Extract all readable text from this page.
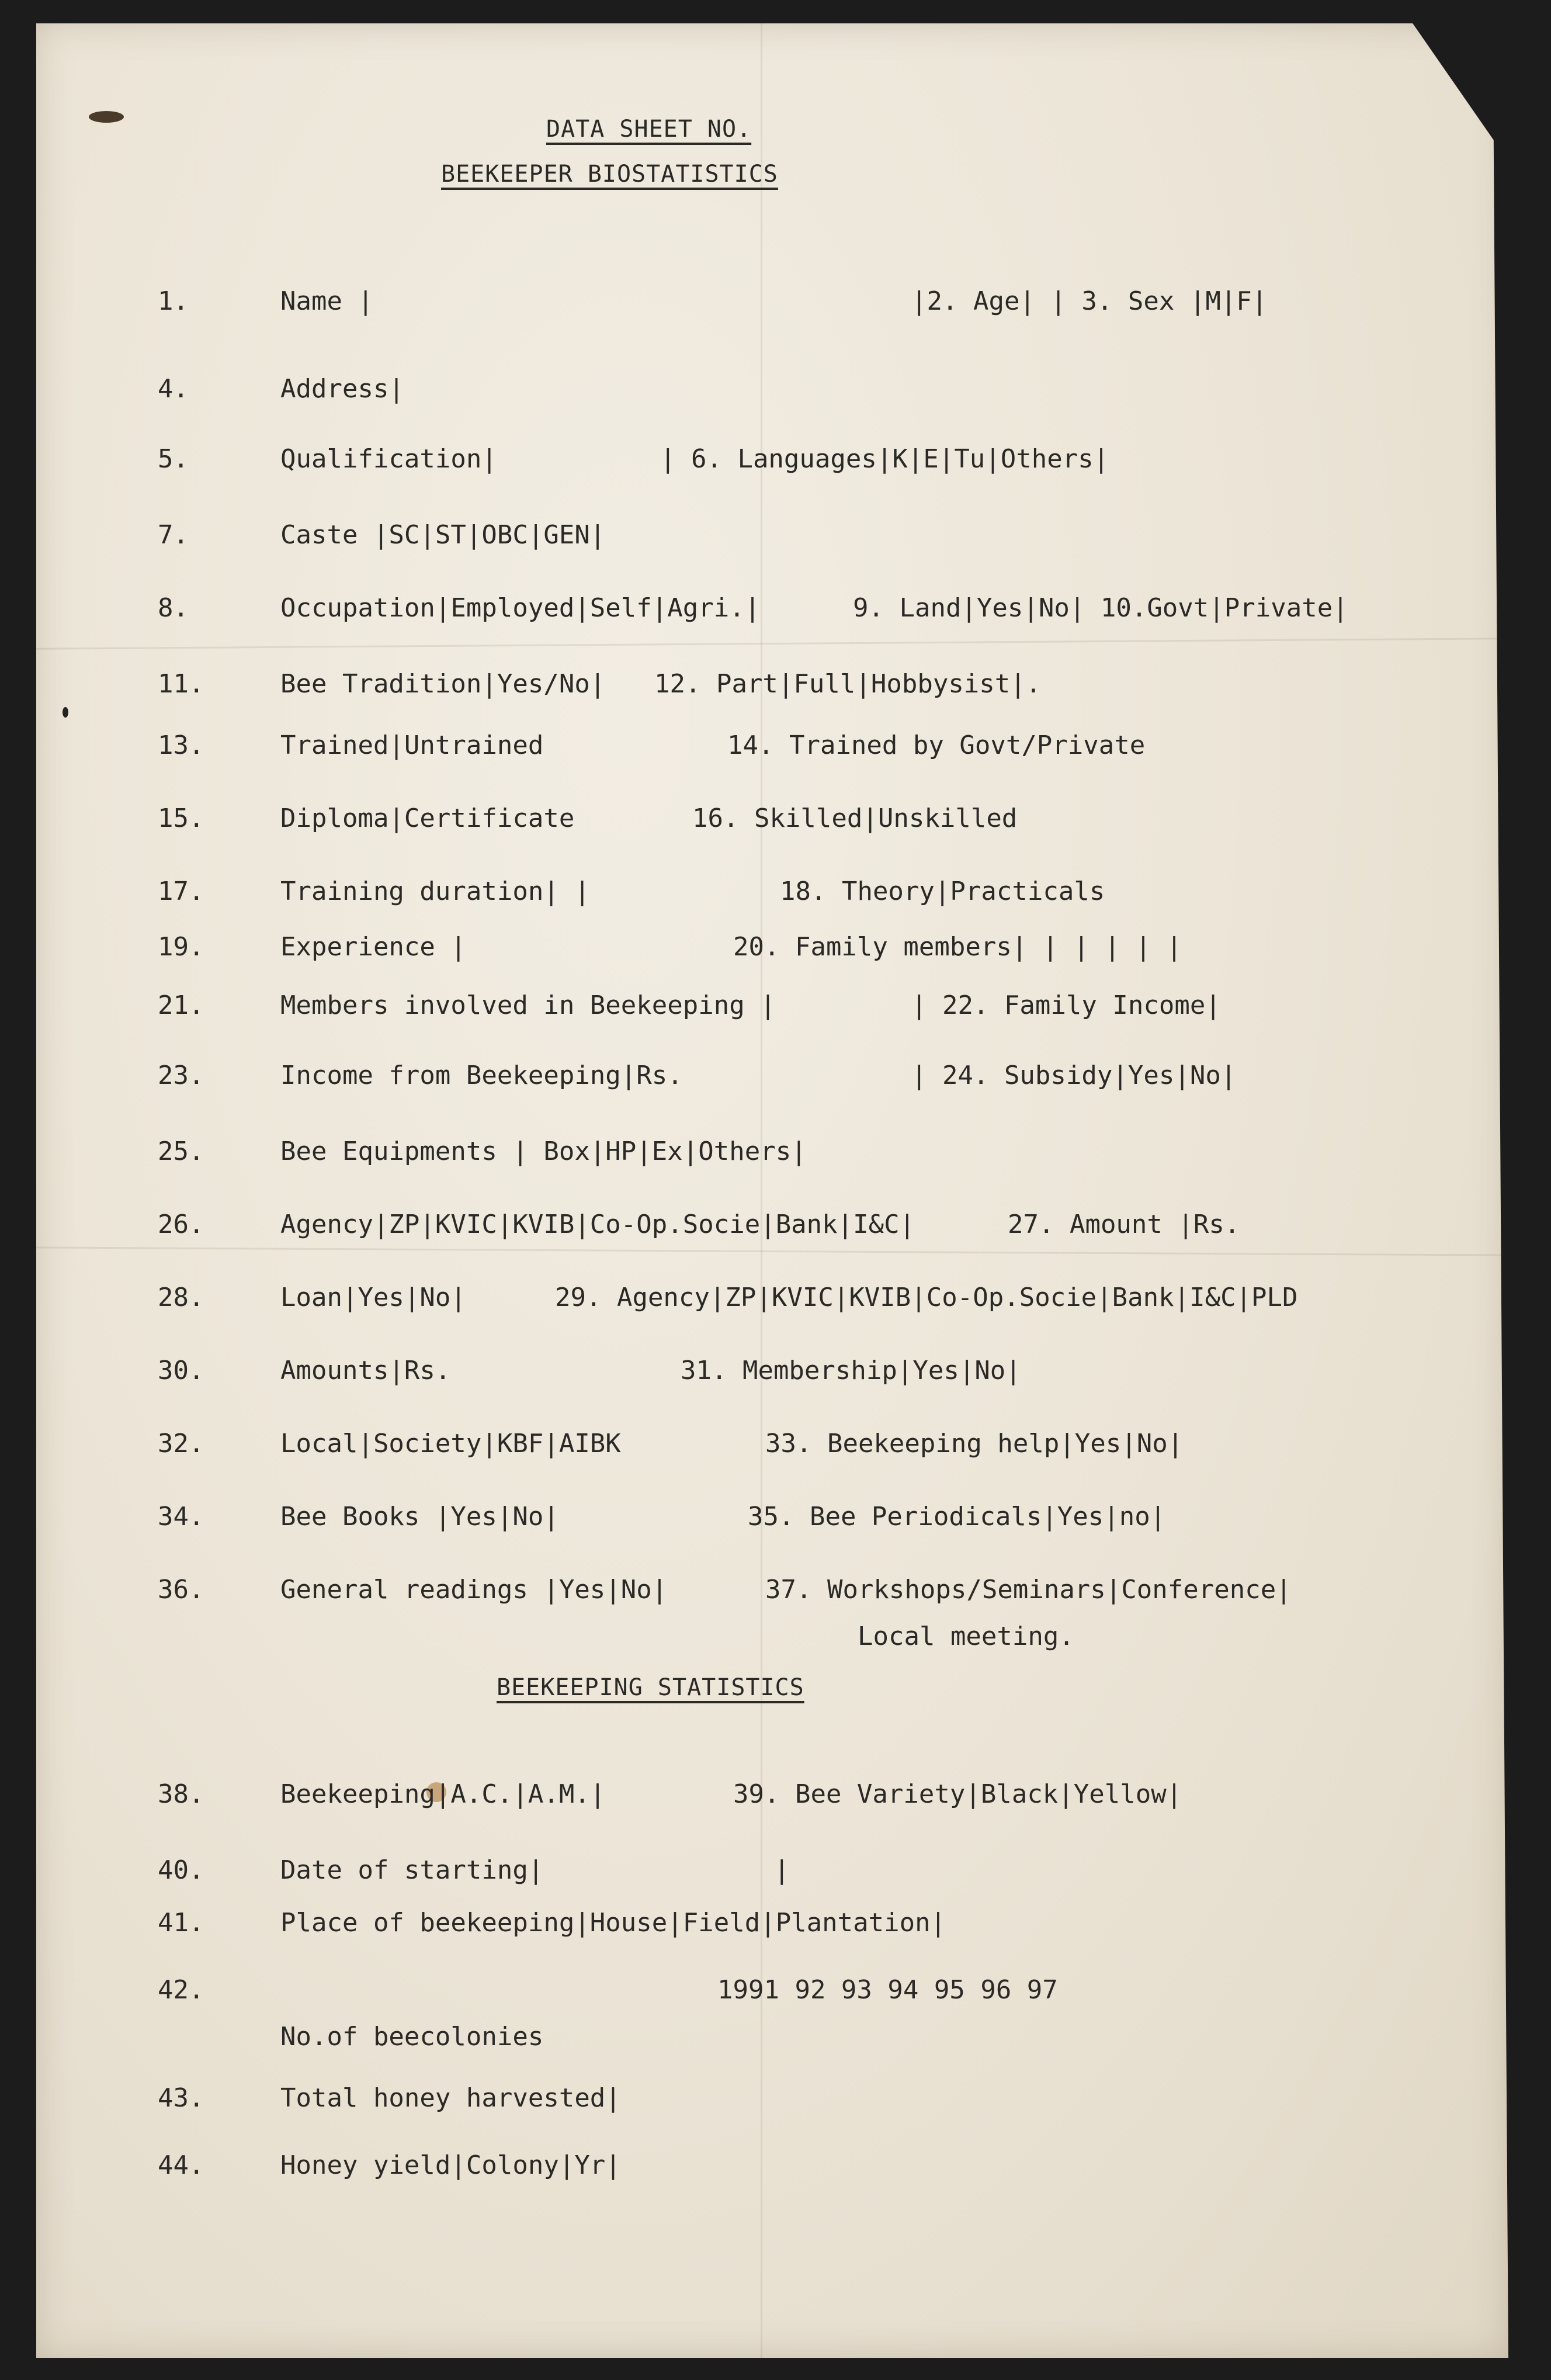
DATA SHEET NO.
BEEKEEPER BIOSTATISTICS
BEEKEEPING STATISTICS
1.	Name |	|2. Age| | 3. Sex |M|F|
4.	Address|
5.	Qualification|	| 6. Languages|K|E|Tu|Others|
7.	Caste |SC|ST|OBC|GEN|
8.	Occupation|Employed|Self|Agri.|	9. Land|Yes|No| 10.Govt|Private|
11.	Bee Tradition|Yes/No| 12. Part|Full|Hobbysist|.
13.	Trained|Untrained	14. Trained by Govt/Private
15.	Diploma|Certificate	16. Skilled|Unskilled
17.	Training duration| |	18. Theory|Practicals
19.	Experience |	20. Family members| | | | | |
21.	Members involved in Beekeeping |	| 22. Family Income|
23.	Income from Beekeeping|Rs.	| 24. Subsidy|Yes|No|
25.	Bee Equipments | Box|HP|Ex|Others|
26.	Agency|ZP|KVIC|KVIB|Co-Op.Socie|Bank|I&C|	27. Amount |Rs.
28.	Loan|Yes|No|	29. Agency|ZP|KVIC|KVIB|Co-Op.Socie|Bank|I&C|PLD
30.	Amounts|Rs.	31. Membership|Yes|No|
32.	Local|Society|KBF|AIBK	33. Beekeeping help|Yes|No|
34.	Bee Books |Yes|No|	35. Bee Periodicals|Yes|no|
36.	General readings |Yes|No|	37. Workshops/Seminars|Conference|
Local meeting.
38.	Beekeeping|A.C.|A.M.|	39. Bee Variety|Black|Yellow|
40.	Date of starting|	|
41.	Place of beekeeping|House|Field|Plantation|
42.	1991 92 93 94 95 96 97
No.of beecolonies
43.	Total honey harvested|
44.	Honey yield|Colony|Yr|
